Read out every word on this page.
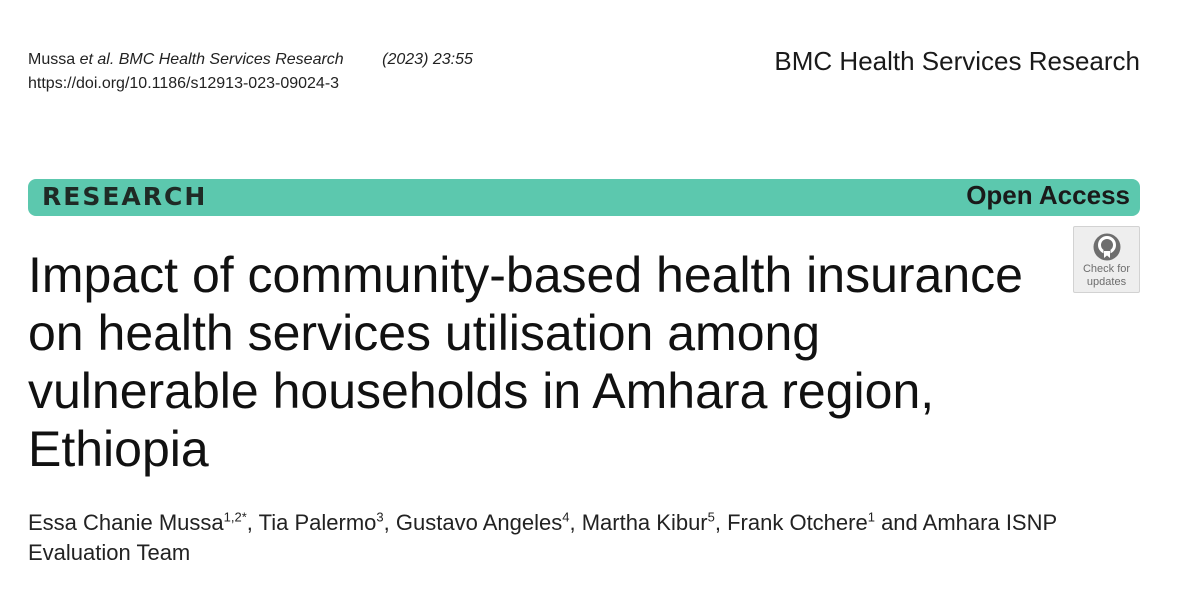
Mussa et al. BMC Health Services Research (2023) 23:55
https://doi.org/10.1186/s12913-023-09024-3
BMC Health Services Research
RESEARCH	Open Access
Impact of community-based health insurance on health services utilisation among vulnerable households in Amhara region, Ethiopia
Check for
updates
Essa Chanie Mussa$^{1,2*}$, Tia Palermo$^3$, Gustavo Angeles$^4$, Martha Kibur$^5$, Frank Otchere$^1$ and Amhara ISNP Evaluation Team
